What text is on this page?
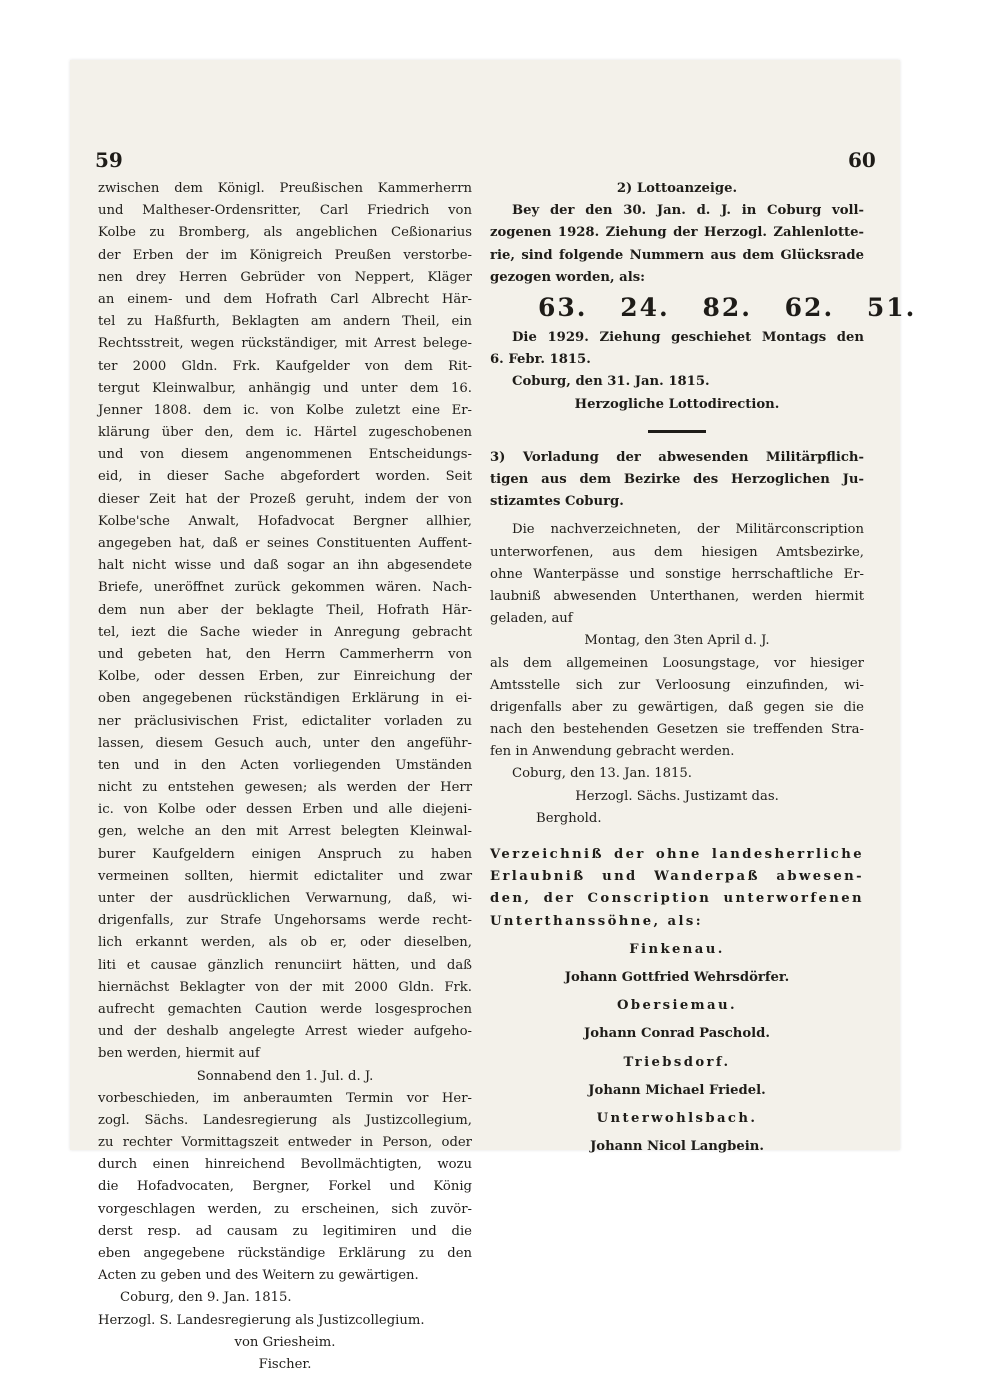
59	60
zwischen dem Königl. Preußischen Kammerherrn
und Maltheser-Ordensritter, Carl Friedrich von
Kolbe zu Bromberg, als angeblichen Ceßionarius
der Erben der im Königreich Preußen verstorbe-
nen drey Herren Gebrüder von Neppert, Kläger
an einem- und dem Hofrath Carl Albrecht Här-
tel zu Haßfurth, Beklagten am andern Theil, ein
Rechtsstreit, wegen rückständiger, mit Arrest belege-
ter 2000 Gldn. Frk. Kaufgelder von dem Rit-
tergut Kleinwalbur, anhängig und unter dem 16.
Jenner 1808. dem ic. von Kolbe zuletzt eine Er-
klärung über den, dem ic. Härtel zugeschobenen
und von diesem angenommenen Entscheidungs-
eid, in dieser Sache abgefordert worden. Seit
dieser Zeit hat der Prozeß geruht, indem der von
Kolbe'sche Anwalt, Hofadvocat Bergner allhier,
angegeben hat, daß er seines Constituenten Auffent-
halt nicht wisse und daß sogar an ihn abgesendete
Briefe, uneröffnet zurück gekommen wären. Nach-
dem nun aber der beklagte Theil, Hofrath Här-
tel, iezt die Sache wieder in Anregung gebracht
und gebeten hat, den Herrn Cammerherrn von
Kolbe, oder dessen Erben, zur Einreichung der
oben angegebenen rückständigen Erklärung in ei-
ner präclusivischen Frist, edictaliter vorladen zu
lassen, diesem Gesuch auch, unter den angeführ-
ten und in den Acten vorliegenden Umständen
nicht zu entstehen gewesen; als werden der Herr
ic. von Kolbe oder dessen Erben und alle diejeni-
gen, welche an den mit Arrest belegten Kleinwal-
burer Kaufgeldern einigen Anspruch zu haben
vermeinen sollten, hiermit edictaliter und zwar
unter der ausdrücklichen Verwarnung, daß, wi-
drigenfalls, zur Strafe Ungehorsams werde recht-
lich erkannt werden, als ob er, oder dieselben,
liti et causae gänzlich renunciirt hätten, und daß
hiernächst Beklagter von der mit 2000 Gldn. Frk.
aufrecht gemachten Caution werde losgesprochen
und der deshalb angelegte Arrest wieder aufgeho-
ben werden, hiermit auf
Sonnabend den 1. Jul. d. J.
vorbeschieden, im anberaumten Termin vor Her-
zogl. Sächs. Landesregierung als Justizcollegium,
zu rechter Vormittagszeit entweder in Person, oder
durch einen hinreichend Bevollmächtigten, wozu
die Hofadvocaten, Bergner, Forkel und König
vorgeschlagen werden, zu erscheinen, sich zuvör-
derst resp. ad causam zu legitimiren und die
eben angegebene rückständige Erklärung zu den
Acten zu geben und des Weitern zu gewärtigen.
Coburg, den 9. Jan. 1815.
Herzogl. S. Landesregierung als Justizcollegium.
von Griesheim.
Fischer.
2) Lottoanzeige.
Bey der den 30. Jan. d. J. in Coburg voll-
zogenen 1928. Ziehung der Herzogl. Zahlenlotte-
rie, sind folgende Nummern aus dem Glücksrade
gezogen worden, als:
63. 24. 82. 62. 51.
Die 1929. Ziehung geschiehet Montags den
6. Febr. 1815.
Coburg, den 31. Jan. 1815.
Herzogliche Lottodirection.
3) Vorladung der abwesenden Militärpflich-
tigen aus dem Bezirke des Herzoglichen Ju-
stizamtes Coburg.
Die nachverzeichneten, der Militärconscription
unterworfenen, aus dem hiesigen Amtsbezirke,
ohne Wanterpässe und sonstige herrschaftliche Er-
laubniß abwesenden Unterthanen, werden hiermit
geladen, auf
Montag, den 3ten April d. J.
als dem allgemeinen Loosungstage, vor hiesiger
Amtsstelle sich zur Verloosung einzufinden, wi-
drigenfalls aber zu gewärtigen, daß gegen sie die
nach den bestehenden Gesetzen sie treffenden Stra-
fen in Anwendung gebracht werden.
Coburg, den 13. Jan. 1815.
Herzogl. Sächs. Justizamt das.
Berghold.
Verzeichniß der ohne landesherrliche
Erlaubniß und Wanderpaß abwesen-
den, der Conscription unterworfenen
Unterthanssöhne, als:
Finkenau.
Johann Gottfried Wehrsdörfer.
Obersiemau.
Johann Conrad Paschold.
Triebsdorf.
Johann Michael Friedel.
Unterwohlsbach.
Johann Nicol Langbein.
